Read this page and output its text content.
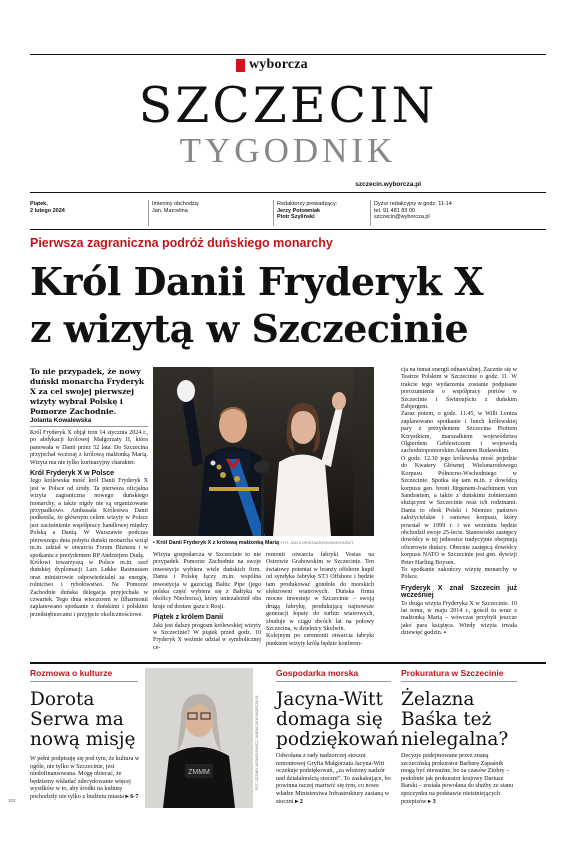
wyborcza
SZCZECIN
TYGODNIK
szczecin.wyborcza.pl
Piątek,
2 lutego 2024
Imieniny obchodzą:
Jan, Marcelina
Redaktorzy prowadzący:
Jerzy Potowniak
Piotr Szyliński
Dyżur redakcyjny w godz. 11-14
tel. 91 481 83 00
szczecin@wyborcza.pl
Pierwsza zagraniczna podróż duńskiego monarchy
Król Danii Fryderyk X
z wizytą w Szczecinie
To nie przypadek, że nowy duński monarcha Fryderyk X za cel swojej pierwszej wizyty wybrał Polskę i Pomorze Zachodnie.
Jolanta Kowalewska
Król Fryderyk X objął tron 14 stycznia 2024 r., po abdykacji królowej Małgorzaty II, która panowała w Danii przez 52 lata. Do Szczecina przyjechał wczoraj z królową małżonką Marią. Wizyta ma nie tylko kurtuazyjny charakter.
Król Fryderyk X w Polsce
Jego królewska mość król Danii Fryderyk X jest w Polsce od środy. Ta pierwsza oficjalna wizyta zagraniczna nowego duńskiego monarchy, a także nigdy nie są organizowane przypadkowo. Ambasada Królestwa Danii podkreśla, że głównym celem wizyty w Polsce jest zacieśnienie współpracy handlowej między Polską a Danią. W Warszawie podczas pierwszego dnia pobytu duński monarcha wziął m.in. udział w otwarciu Forum Biznesu i w spotkaniu z prezydentem RP Andrzejem Dudą.
Królowi towarzyszą w Polsce m.in. szef duńskiej dyplomacji Lars Løkke Rasmussen oraz ministrowie odpowiedzialni za energię, rolnictwo i rybołówstwo. Na Pomorze Zachodnie duńska delegacja przyjechała w czwartek. Tego dnia wieczorem w filharmonii zaplanowano spotkanie z duńskimi i polskimi przedsiębiorcami i przyjęcie okolicznościowe.
▪ Król Danii Fryderyk X z królową małżonką Marią FOT. JAN KORSGAARD/KONGEHUSET
Wizyta gospodarcza w Szczecinie to nie przypadek. Pomorze Zachodnie na swoje inwestycje wybiera wiele duńskich firm. Dania i Polskę łączy m.in. wspólna inwestycja w gazociąg Baltic Pipe (jego polska część wybiera się z Bałtyku w okolicy Niechorza), który uniezależnił oba kraje od dostaw gazu z Rosji.
Piątek z królem Danii
Jaki jest dalszy program królewskiej wizyty w Szczecinie? W piątek przed godz. 10 Fryderyk X weźmie udział w symbolicznej ce-
remonii otwarcia fabryki Vestas na Ostrowie Grabowskim w Szczecinie. Ten światowy potentat w branży offshore kupił od syndyka fabrykę ST3 Offshore i będzie tam produkować gondole do morskich elektrowni wiatrowych. Duńska firma mocno inwestuje w Szczecinie – swoją drugą fabrykę, produkującą najnowsze generacji łopaty do turbin wiatrowych, zbuduje w ciągu dwóch lat na połowy Szczecina, w dzielnicy Skolwin.
Kolejnym po ceremonii otwarcia fabryki punktem wizyty króla będzie konferen-
cja na temat energii odnawialnej. Zacznie się w Teatrze Polskim w Szczecinie o godz. 11. W trakcie tego wydarzenia zostanie podpisane porozumienie o współpracy portów w Szczecinie i Świnoujściu z duńskim Esbjergem.
Zaraz potem, o godz. 11.45, w Willi Lentza zaplanowano spotkanie i lunch królewskiej pary z prezydentem Szczecina Piotrem Krzystkiem, marszałkiem województwa Olgierdem Geblewiczem i wojewodą zachodniopomorskim Adamem Rudawskim.
O godz. 12.30 jego królewska mość pojedzie do Kwatery Głównej Wielonarodowego Korpusu Północno-Wschodniego w Szczecinie. Spotka się tam m.in. z dowódcą korpusu gen. broni Jürgenem-Joachimem von Sandrartem, a także z duńskimi żołnierzami służącymi w Szczecinie oraz ich rodzinami. Dania to obok Polski i Niemiec państwo założycielskie i ramowe korpusu, który powstał w 1999 r. i we wrześniu będzie obchodził swoje 25-lecie. Stanowisko zastępcy dowódcy w tej jednostce tradycyjnie obejmują oficerowie duńscy. Obecnie zastępcą dowódcy korpusu NATO w Szczecinie jest gen. dywizji Peter Harling Boysen.
To spotkanie zakończy wizytę monarchy w Polsce.
Fryderyk X znał Szczecin już wcześniej
To druga wizyta Fryderyka X w Szczecinie. 10 lat temu, w maju 2014 r., gościł tu wraz z małżonką Marią – wówczas przybyli jeszcze jako para książęca. Wtedy wizyta trwała dziewięć godzin. ▪
Rozmowa o kulturze
Dorota
Serwa ma
nową misję
W pełni podpisuję się pod tym, że kultura w ogóle, nie tylko w Szczecinie, jest niedofinansowana. Mogę obiecać, że będziemy wkładać zdecydowanie więcej wysiłków w to, aby środki na kulturę pochodziły nie tylko z budżetu miasta ▸ 6-7
ZMMM	FOT. CEZARY ASZKIEŁOWICZ / AGENCJA WYBORCZA.PL
Gospodarka morska
Jacyna-Witt
domaga się
podziękowań
Odwołana z rady nadzorczej stoczni remontowej Gryfia Małgorzata Jacyna-Witt oczekuje podziękowań, „za włożony nadzór nad działalnością stoczni”. To zaskakujące, bo powinna raczej martwić się tym, co nowe władze Ministerstwa Infrastruktury zastaną w stoczni ▸ 2
Prokuratura w Szczecinie
Żelazna
Baśka też
nielegalna?
Decyzje podejmowane przez znaną szczecińską prokurator Barbarę Zapaśnik mogą być nieważne, bo za czasów Ziobry – podobnie jak prokurator krajowy Dariusz Barski – została powołana do służby ze stanu spoczynku na podstawie nieistniejących przepisów ▸ 3
102
